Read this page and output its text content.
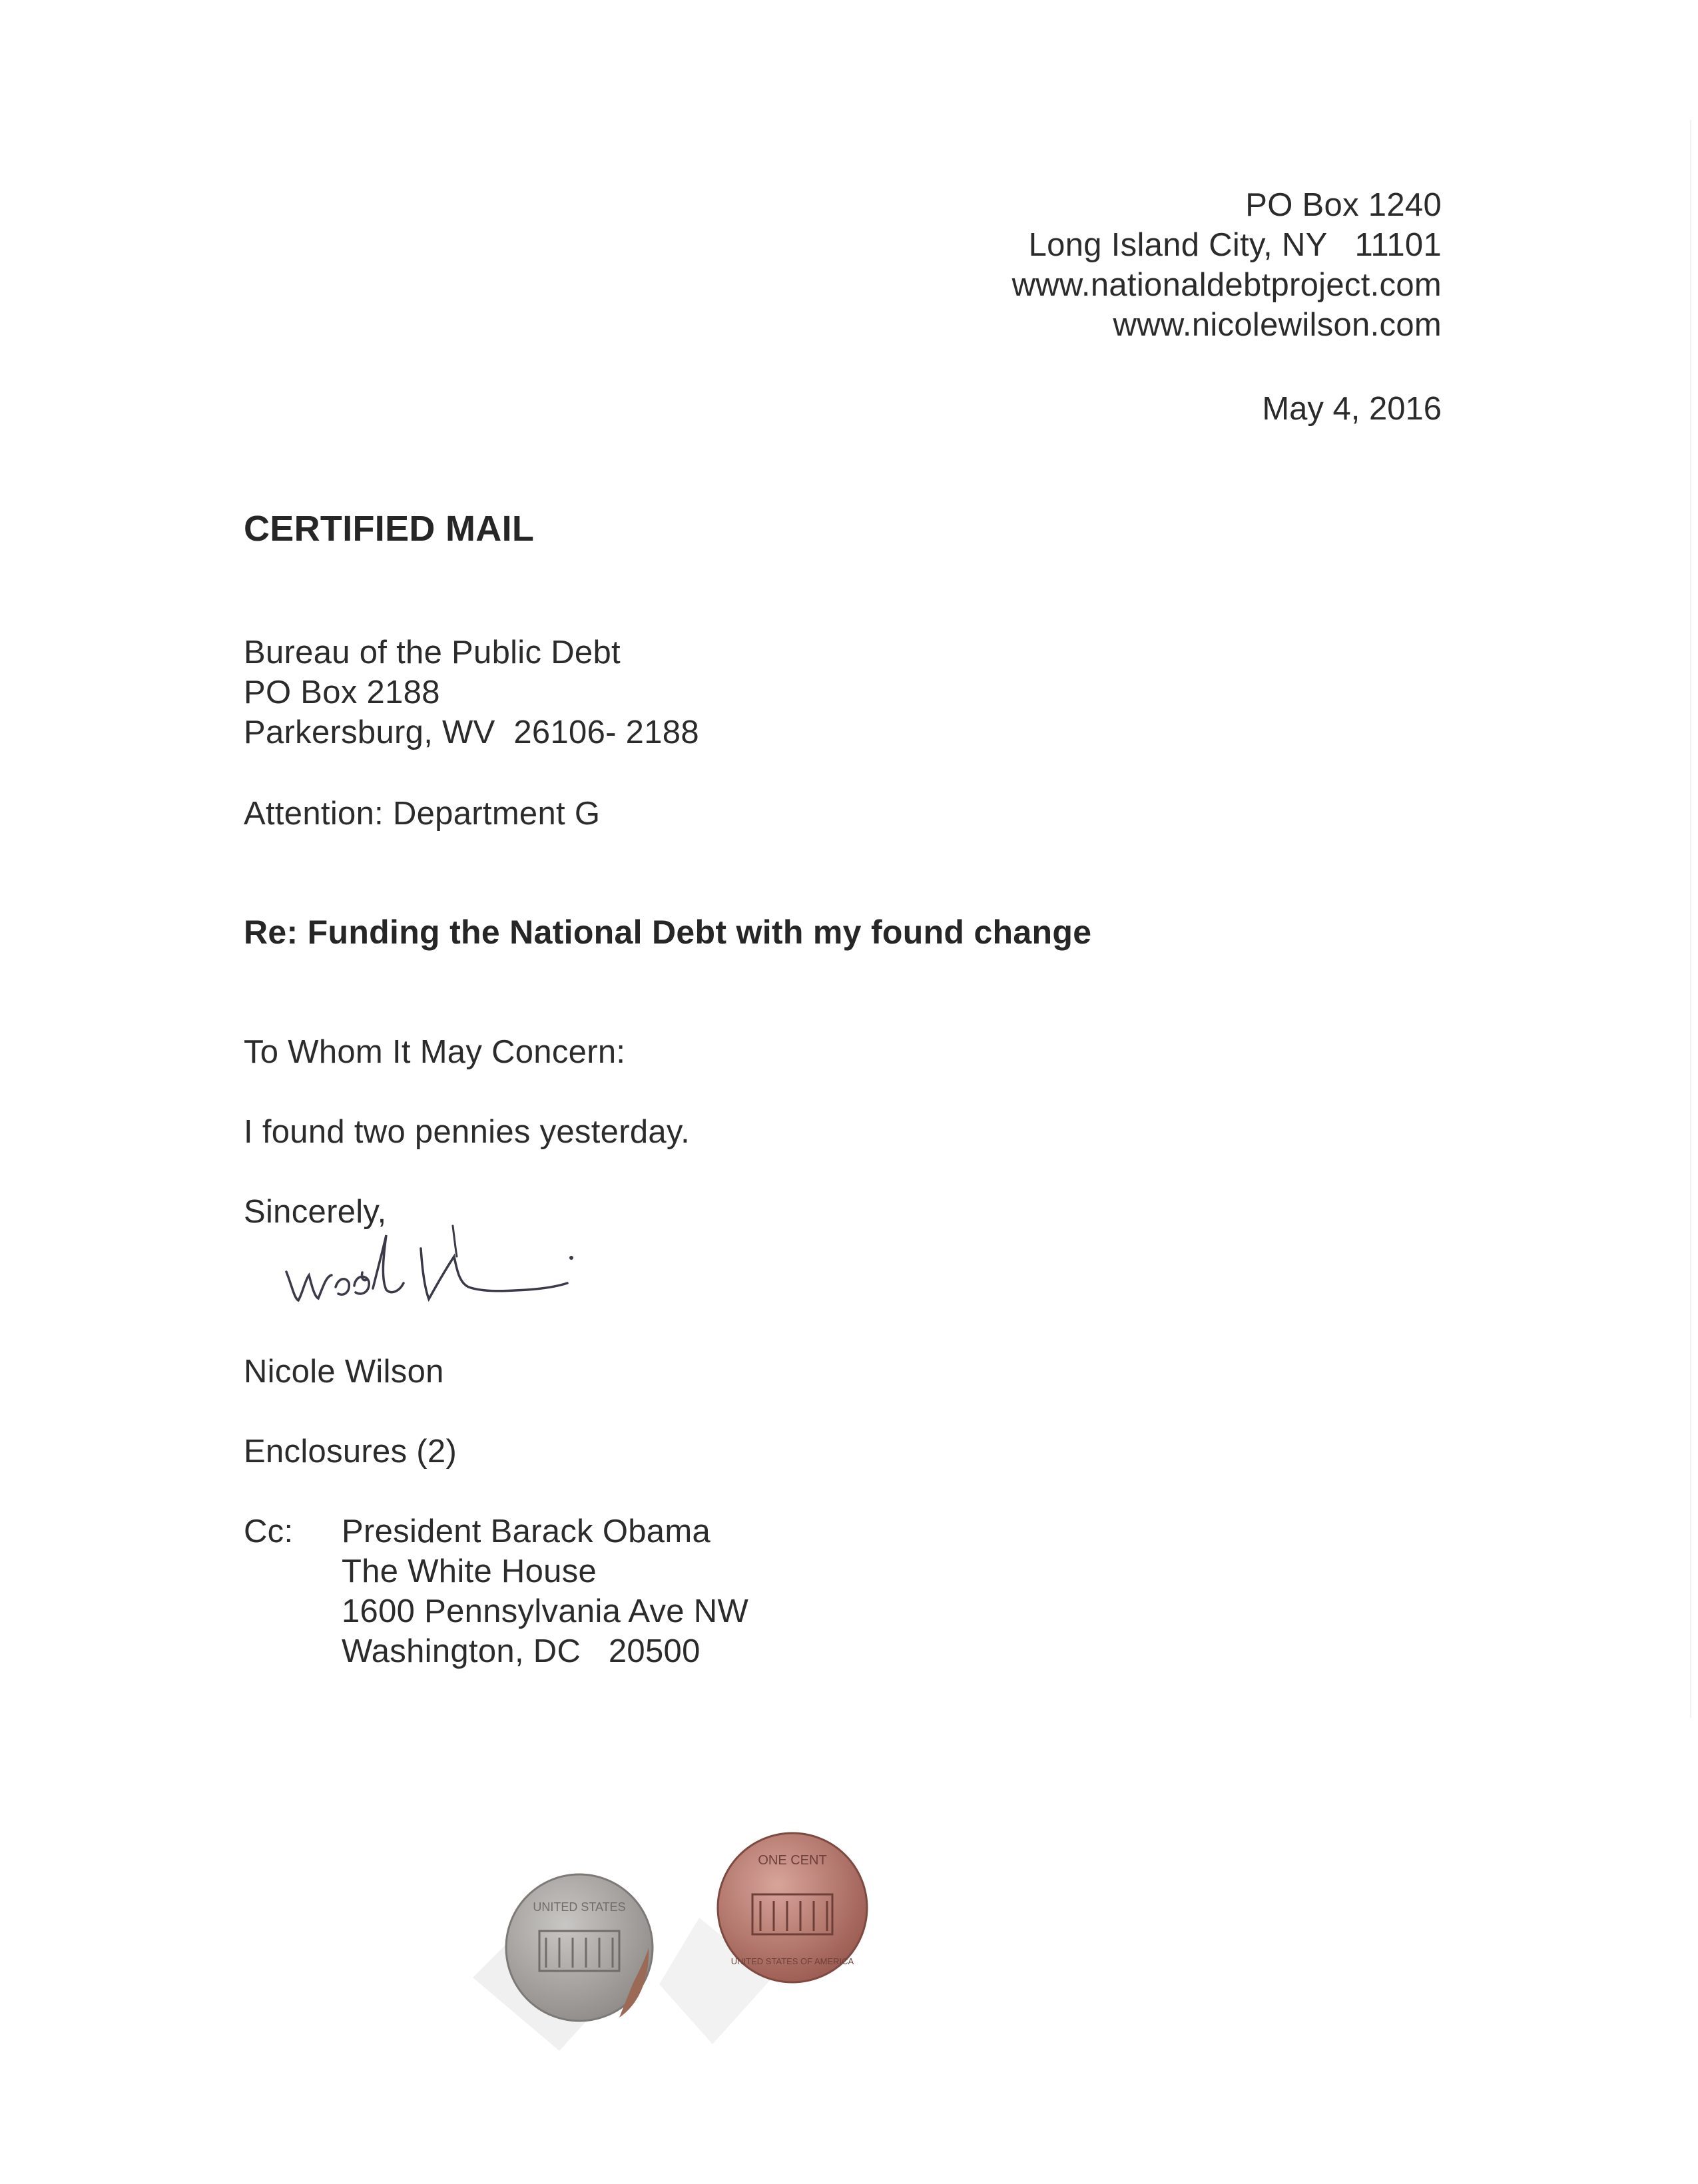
PO Box 1240
Long Island City, NY   11101
www.nationaldebtproject.com
www.nicolewilson.com
May 4, 2016
CERTIFIED MAIL
Bureau of the Public Debt
PO Box 2188
Parkersburg, WV  26106- 2188
Attention: Department G
Re: Funding the National Debt with my found change
To Whom It May Concern:
I found two pennies yesterday.
Sincerely,
Nicole Wilson
Enclosures (2)
Cc: President Barack Obama
The White House
1600 Pennsylvania Ave NW
Washington, DC   20500
UNITED STATES
ONE CENT
UNITED STATES OF AMERICA
